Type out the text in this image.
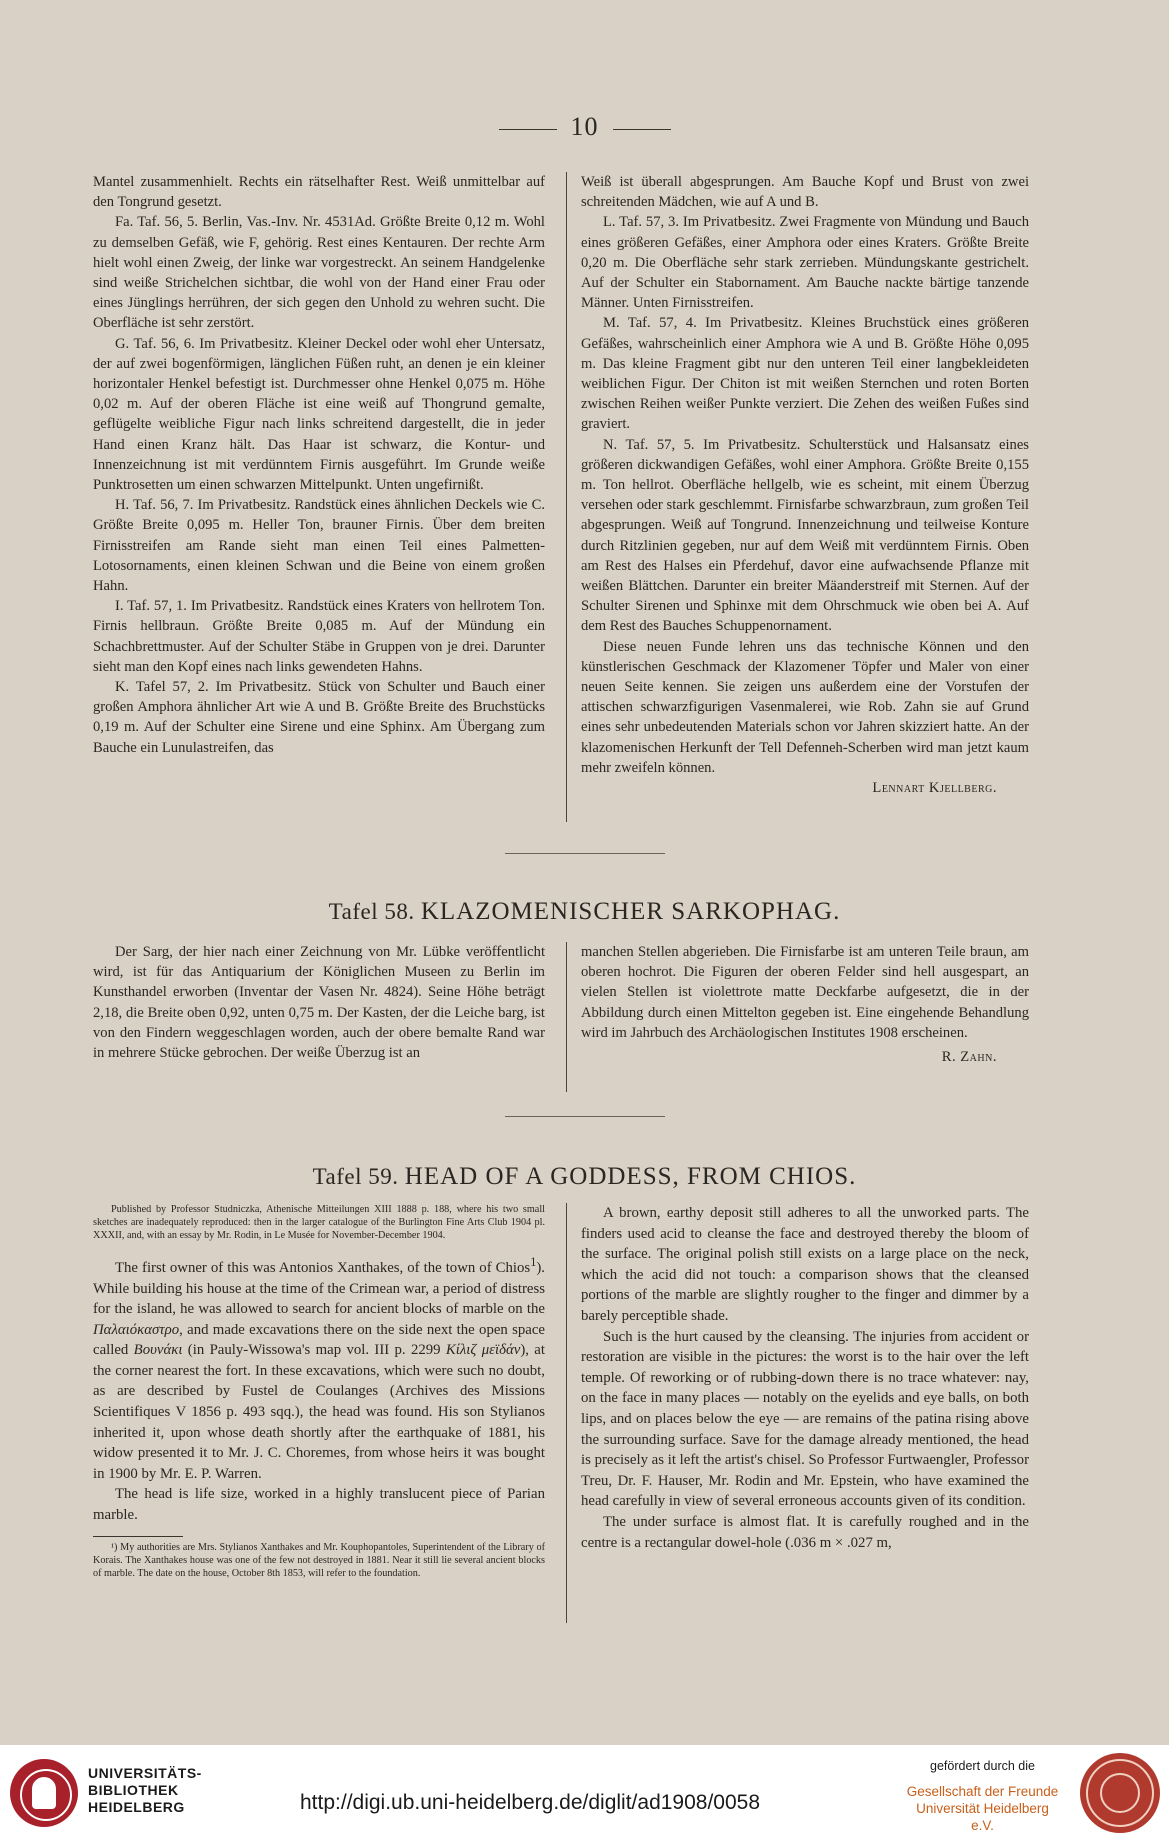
10

Mantel zusammenhielt. Rechts ein rätselhafter Rest. Weiß unmittelbar auf den Tongrund gesetzt.

Fa. Taf. 56, 5. Berlin, Vas.-Inv. Nr. 4531Ad. Größte Breite 0,12 m. Wohl zu demselben Gefäß, wie F, gehörig. Rest eines Kentauren. Der rechte Arm hielt wohl einen Zweig, der linke war vorgestreckt. An seinem Handgelenke sind weiße Strichelchen sichtbar, die wohl von der Hand einer Frau oder eines Jünglings herrühren, der sich gegen den Unhold zu wehren sucht. Die Oberfläche ist sehr zerstört.

G. Taf. 56, 6. Im Privatbesitz. Kleiner Deckel oder wohl eher Untersatz, der auf zwei bogenförmigen, länglichen Füßen ruht, an denen je ein kleiner horizontaler Henkel befestigt ist. Durchmesser ohne Henkel 0,075 m. Höhe 0,02 m. Auf der oberen Fläche ist eine weiß auf Thongrund gemalte, geflügelte weibliche Figur nach links schreitend dargestellt, die in jeder Hand einen Kranz hält. Das Haar ist schwarz, die Kontur- und Innenzeichnung ist mit verdünntem Firnis ausgeführt. Im Grunde weiße Punktrosetten um einen schwarzen Mittelpunkt. Unten ungefirnißt.

H. Taf. 56, 7. Im Privatbesitz. Randstück eines ähnlichen Deckels wie C. Größte Breite 0,095 m. Heller Ton, brauner Firnis. Über dem breiten Firnisstreifen am Rande sieht man einen Teil eines Palmetten-Lotosornaments, einen kleinen Schwan und die Beine von einem großen Hahn.

I. Taf. 57, 1. Im Privatbesitz. Randstück eines Kraters von hellrotem Ton. Firnis hellbraun. Größte Breite 0,085 m. Auf der Mündung ein Schachbrettmuster. Auf der Schulter Stäbe in Gruppen von je drei. Darunter sieht man den Kopf eines nach links gewendeten Hahns.

K. Tafel 57, 2. Im Privatbesitz. Stück von Schulter und Bauch einer großen Amphora ähnlicher Art wie A und B. Größte Breite des Bruchstücks 0,19 m. Auf der Schulter eine Sirene und eine Sphinx. Am Übergang zum Bauche ein Lunulastreifen, das

Weiß ist überall abgesprungen. Am Bauche Kopf und Brust von zwei schreitenden Mädchen, wie auf A und B.

L. Taf. 57, 3. Im Privatbesitz. Zwei Fragmente von Mündung und Bauch eines größeren Gefäßes, einer Amphora oder eines Kraters. Größte Breite 0,20 m. Die Oberfläche sehr stark zerrieben. Mündungskante gestrichelt. Auf der Schulter ein Stabornament. Am Bauche nackte bärtige tanzende Männer. Unten Firnisstreifen.

M. Taf. 57, 4. Im Privatbesitz. Kleines Bruchstück eines größeren Gefäßes, wahrscheinlich einer Amphora wie A und B. Größte Höhe 0,095 m. Das kleine Fragment gibt nur den unteren Teil einer langbekleideten weiblichen Figur. Der Chiton ist mit weißen Sternchen und roten Borten zwischen Reihen weißer Punkte verziert. Die Zehen des weißen Fußes sind graviert.

N. Taf. 57, 5. Im Privatbesitz. Schulterstück und Halsansatz eines größeren dickwandigen Gefäßes, wohl einer Amphora. Größte Breite 0,155 m. Ton hellrot. Oberfläche hellgelb, wie es scheint, mit einem Überzug versehen oder stark geschlemmt. Firnisfarbe schwarzbraun, zum großen Teil abgesprungen. Weiß auf Tongrund. Innenzeichnung und teilweise Konture durch Ritzlinien gegeben, nur auf dem Weiß mit verdünntem Firnis. Oben am Rest des Halses ein Pferdehuf, davor eine aufwachsende Pflanze mit weißen Blättchen. Darunter ein breiter Mäanderstreif mit Sternen. Auf der Schulter Sirenen und Sphinxe mit dem Ohrschmuck wie oben bei A. Auf dem Rest des Bauches Schuppenornament.

Diese neuen Funde lehren uns das technische Können und den künstlerischen Geschmack der Klazomener Töpfer und Maler von einer neuen Seite kennen. Sie zeigen uns außerdem eine der Vorstufen der attischen schwarzfigurigen Vasenmalerei, wie Rob. Zahn sie auf Grund eines sehr unbedeutenden Materials schon vor Jahren skizziert hatte. An der klazomenischen Herkunft der Tell Defenneh-Scherben wird man jetzt kaum mehr zweifeln können.

Lennart Kjellberg.

Tafel 58. KLAZOMENISCHER SARKOPHAG.

Der Sarg, der hier nach einer Zeichnung von Mr. Lübke veröffentlicht wird, ist für das Antiquarium der Königlichen Museen zu Berlin im Kunsthandel erworben (Inventar der Vasen Nr. 4824). Seine Höhe beträgt 2,18, die Breite oben 0,92, unten 0,75 m. Der Kasten, der die Leiche barg, ist von den Findern weggeschlagen worden, auch der obere bemalte Rand war in mehrere Stücke gebrochen. Der weiße Überzug ist an

manchen Stellen abgerieben. Die Firnisfarbe ist am unteren Teile braun, am oberen hochrot. Die Figuren der oberen Felder sind hell ausgespart, an vielen Stellen ist violettrote matte Deckfarbe aufgesetzt, die in der Abbildung durch einen Mittelton gegeben ist. Eine eingehende Behandlung wird im Jahrbuch des Archäologischen Institutes 1908 erscheinen.

R. Zahn.

Tafel 59. HEAD OF A GODDESS, FROM CHIOS.

Published by Professor Studniczka, Athenische Mitteilungen XIII 1888 p. 188, where his two small sketches are inadequately reproduced: then in the larger catalogue of the Burlington Fine Arts Club 1904 pl. XXXII, and, with an essay by Mr. Rodin, in Le Musée for November-December 1904.

The first owner of this was Antonios Xanthakes, of the town of Chios$^1$). While building his house at the time of the Crimean war, a period of distress for the island, he was allowed to search for ancient blocks of marble on the Παλαιόκαστρο, and made excavations there on the side next the open space called Βουνάκι (in Pauly-Wissowa's map vol. III p. 2299 Κίλιζ μεϊδάν), at the corner nearest the fort. In these excavations, which were such no doubt, as are described by Fustel de Coulanges (Archives des Missions Scientifiques V 1856 p. 493 sqq.), the head was found. His son Stylianos inherited it, upon whose death shortly after the earthquake of 1881, his widow presented it to Mr. J. C. Choremes, from whose heirs it was bought in 1900 by Mr. E. P. Warren.

The head is life size, worked in a highly translucent piece of Parian marble.

¹) My authorities are Mrs. Stylianos Xanthakes and Mr. Kouphopantoles, Superintendent of the Library of Korais. The Xanthakes house was one of the few not destroyed in 1881. Near it still lie several ancient blocks of marble. The date on the house, October 8th 1853, will refer to the foundation.

A brown, earthy deposit still adheres to all the unworked parts. The finders used acid to cleanse the face and destroyed thereby the bloom of the surface. The original polish still exists on a large place on the neck, which the acid did not touch: a comparison shows that the cleansed portions of the marble are slightly rougher to the finger and dimmer by a barely perceptible shade.

Such is the hurt caused by the cleansing. The injuries from accident or restoration are visible in the pictures: the worst is to the hair over the left temple. Of reworking or of rubbing-down there is no trace whatever: nay, on the face in many places — notably on the eyelids and eye balls, on both lips, and on places below the eye — are remains of the patina rising above the surrounding surface. Save for the damage already mentioned, the head is precisely as it left the artist's chisel. So Professor Furtwaengler, Professor Treu, Dr. F. Hauser, Mr. Rodin and Mr. Epstein, who have examined the head carefully in view of several erroneous accounts given of its condition.

The under surface is almost flat. It is carefully roughed and in the centre is a rectangular dowel-hole (.036 m × .027 m,

UNIVERSITÄTS-
BIBLIOTHEK
HEIDELBERG	http://digi.ub.uni-heidelberg.de/diglit/ad1908/0058
gefördert durch die
Gesellschaft der Freunde
Universität Heidelberg e.V.
